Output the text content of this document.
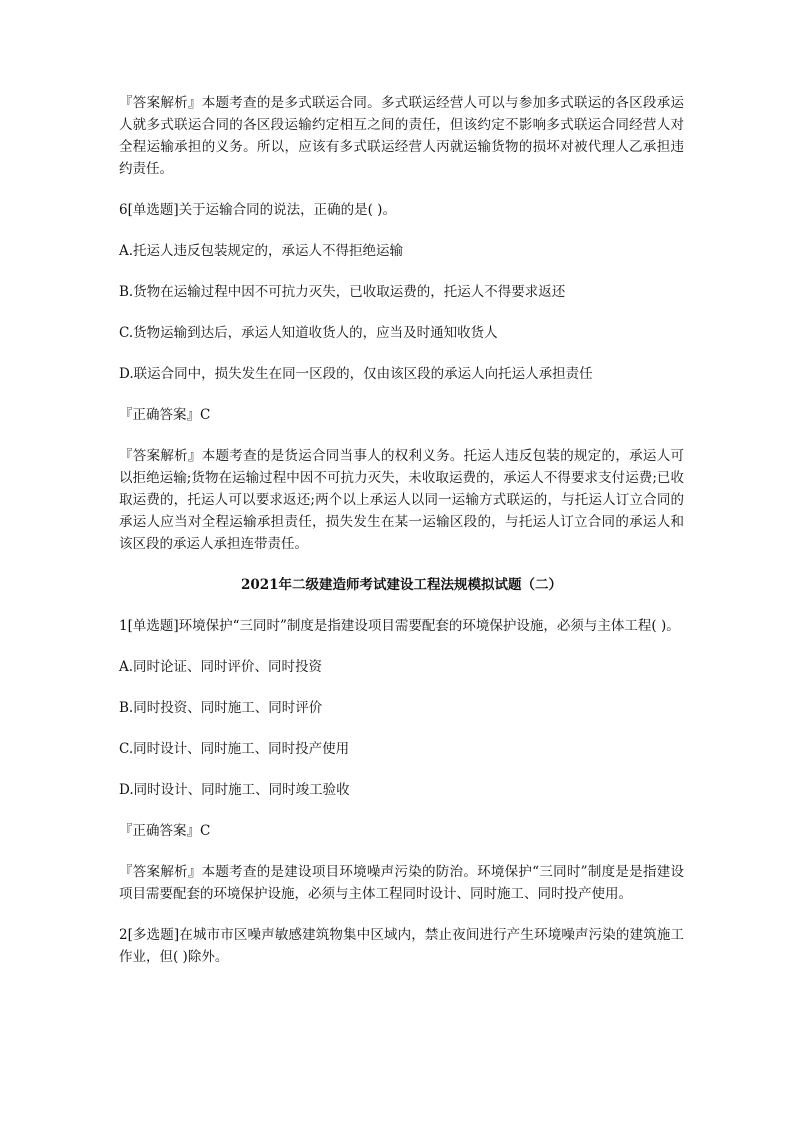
『答案解析』本题考查的是多式联运合同。多式联运经营人可以与参加多式联运的各区段承运人就多式联运合同的各区段运输约定相互之间的责任，但该约定不影响多式联运合同经营人对全程运输承担的义务。所以，应该有多式联运经营人丙就运输货物的损坏对被代理人乙承担违约责任。

6[单选题]关于运输合同的说法，正确的是( )。

A.托运人违反包装规定的，承运人不得拒绝运输

B.货物在运输过程中因不可抗力灭失，已收取运费的，托运人不得要求返还

C.货物运输到达后，承运人知道收货人的，应当及时通知收货人

D.联运合同中，损失发生在同一区段的，仅由该区段的承运人向托运人承担责任

『正确答案』C

『答案解析』本题考查的是货运合同当事人的权利义务。托运人违反包装的规定的，承运人可以拒绝运输;货物在运输过程中因不可抗力灭失，未收取运费的，承运人不得要求支付运费;已收取运费的，托运人可以要求返还;两个以上承运人以同一运输方式联运的，与托运人订立合同的承运人应当对全程运输承担责任，损失发生在某一运输区段的，与托运人订立合同的承运人和该区段的承运人承担连带责任。

2021年二级建造师考试建设工程法规模拟试题（二）

1[单选题]环境保护“三同时”制度是指建设项目需要配套的环境保护设施，必须与主体工程( )。

A.同时论证、同时评价、同时投资

B.同时投资、同时施工、同时评价

C.同时设计、同时施工、同时投产使用

D.同时设计、同时施工、同时竣工验收

『正确答案』C

『答案解析』本题考查的是建设项目环境噪声污染的防治。环境保护“三同时”制度是是指建设项目需要配套的环境保护设施，必须与主体工程同时设计、同时施工、同时投产使用。

2[多选题]在城市市区噪声敏感建筑物集中区域内，禁止夜间进行产生环境噪声污染的建筑施工作业，但( )除外。
